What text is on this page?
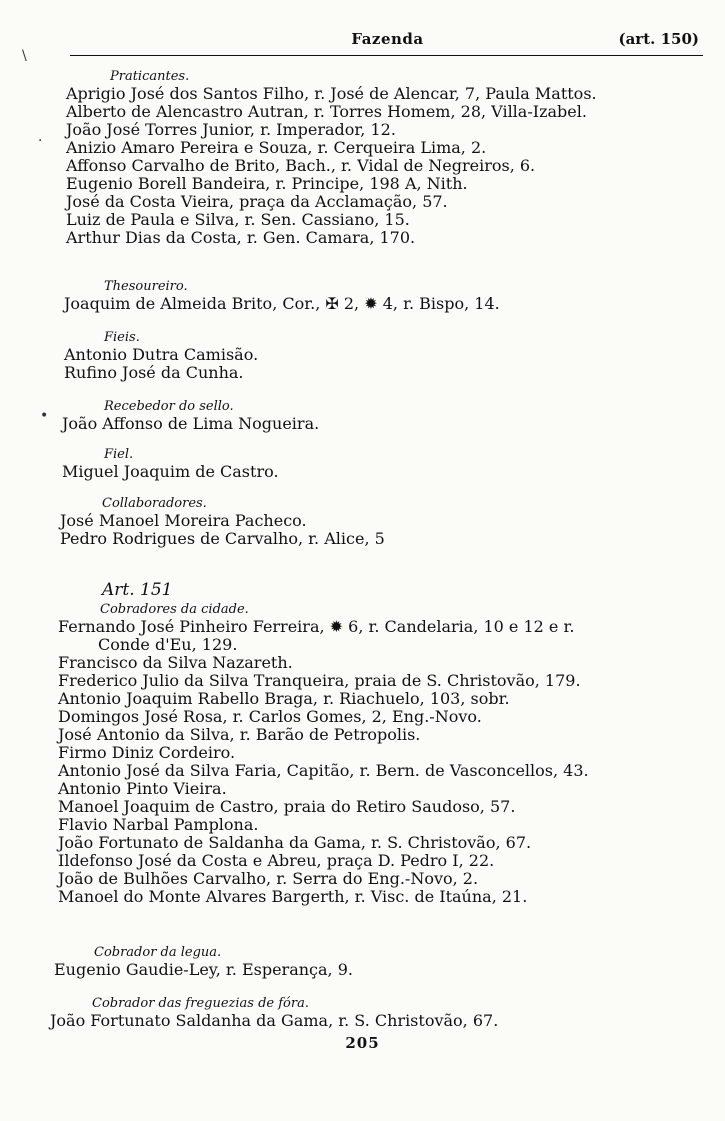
Fazenda	(art. 150)
Praticantes.
Aprigio José dos Santos Filho, r. José de Alencar, 7, Paula Mattos.
Alberto de Alencastro Autran, r. Torres Homem, 28, Villa-Izabel.
João José Torres Junior, r. Imperador, 12.
Anizio Amaro Pereira e Souza, r. Cerqueira Lima, 2.
Affonso Carvalho de Brito, Bach., r. Vidal de Negreiros, 6.
Eugenio Borell Bandeira, r. Principe, 198 A, Nith.
José da Costa Vieira, praça da Acclamação, 57.
Luiz de Paula e Silva, r. Sen. Cassiano, 15.
Arthur Dias da Costa, r. Gen. Camara, 170.
Thesoureiro.
Joaquim de Almeida Brito, Cor., ✠ 2, ✹ 4, r. Bispo, 14.
Fieis.
Antonio Dutra Camisão.
Rufino José da Cunha.
Recebedor do sello.
João Affonso de Lima Nogueira.
Fiel.
Miguel Joaquim de Castro.
Collaboradores.
José Manoel Moreira Pacheco.
Pedro Rodrigues de Carvalho, r. Alice, 5
Art. 151
Cobradores da cidade.
Fernando José Pinheiro Ferreira, ✹ 6, r. Candelaria, 10 e 12 e r.
Conde d'Eu, 129.
Francisco da Silva Nazareth.
Frederico Julio da Silva Tranqueira, praia de S. Christovão, 179.
Antonio Joaquim Rabello Braga, r. Riachuelo, 103, sobr.
Domingos José Rosa, r. Carlos Gomes, 2, Eng.-Novo.
José Antonio da Silva, r. Barão de Petropolis.
Firmo Diniz Cordeiro.
Antonio José da Silva Faria, Capitão, r. Bern. de Vasconcellos, 43.
Antonio Pinto Vieira.
Manoel Joaquim de Castro, praia do Retiro Saudoso, 57.
Flavio Narbal Pamplona.
João Fortunato de Saldanha da Gama, r. S. Christovão, 67.
Ildefonso José da Costa e Abreu, praça D. Pedro I, 22.
João de Bulhões Carvalho, r. Serra do Eng.-Novo, 2.
Manoel do Monte Alvares Bargerth, r. Visc. de Itaúna, 21.
Cobrador da legua.
Eugenio Gaudie-Ley, r. Esperança, 9.
Cobrador das freguezias de fóra.
João Fortunato Saldanha da Gama, r. S. Christovão, 67.
205
\
·
•
